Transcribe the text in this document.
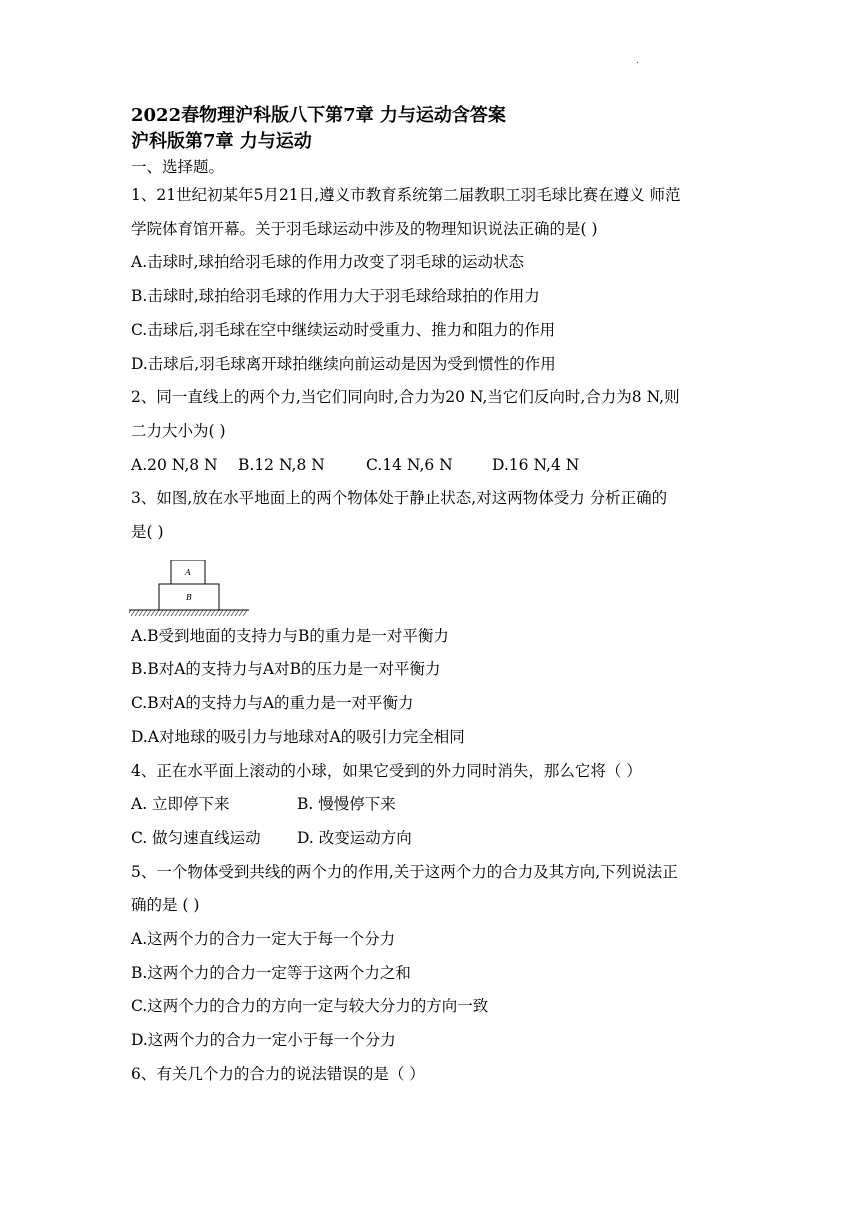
·
2022春物理沪科版八下第7章 力与运动含答案
沪科版第7章 力与运动
一、选择题。
1、21世纪初某年5月21日,遵义市教育系统第二届教职工羽毛球比赛在遵义 师范
学院体育馆开幕。关于羽毛球运动中涉及的物理知识说法正确的是( )
A.击球时,球拍给羽毛球的作用力改变了羽毛球的运动状态
B.击球时,球拍给羽毛球的作用力大于羽毛球给球拍的作用力
C.击球后,羽毛球在空中继续运动时受重力、推力和阻力的作用
D.击球后,羽毛球离开球拍继续向前运动是因为受到惯性的作用
2、同一直线上的两个力,当它们同向时,合力为20 N,当它们反向时,合力为8 N,则
二力大小为( )
A.20 N,8 N B.12 N,8 N	C.14 N,6 N	D.16 N,4 N
3、如图,放在水平地面上的两个物体处于静止状态,对这两物体受力 分析正确的
是( )
A
B
A.B受到地面的支持力与B的重力是一对平衡力
B.B对A的支持力与A对B的压力是一对平衡力
C.B对A的支持力与A的重力是一对平衡力
D.A对地球的吸引力与地球对A的吸引力完全相同
4、正在水平面上滚动的小球，如果它受到的外力同时消失，那么它将（ ）
A. 立即停下来	B. 慢慢停下来
C. 做匀速直线运动 D. 改变运动方向
5、一个物体受到共线的两个力的作用,关于这两个力的合力及其方向,下列说法正
确的是 ( )
A.这两个力的合力一定大于每一个分力
B.这两个力的合力一定等于这两个力之和
C.这两个力的合力的方向一定与较大分力的方向一致
D.这两个力的合力一定小于每一个分力
6、有关几个力的合力的说法错误的是（ ）
